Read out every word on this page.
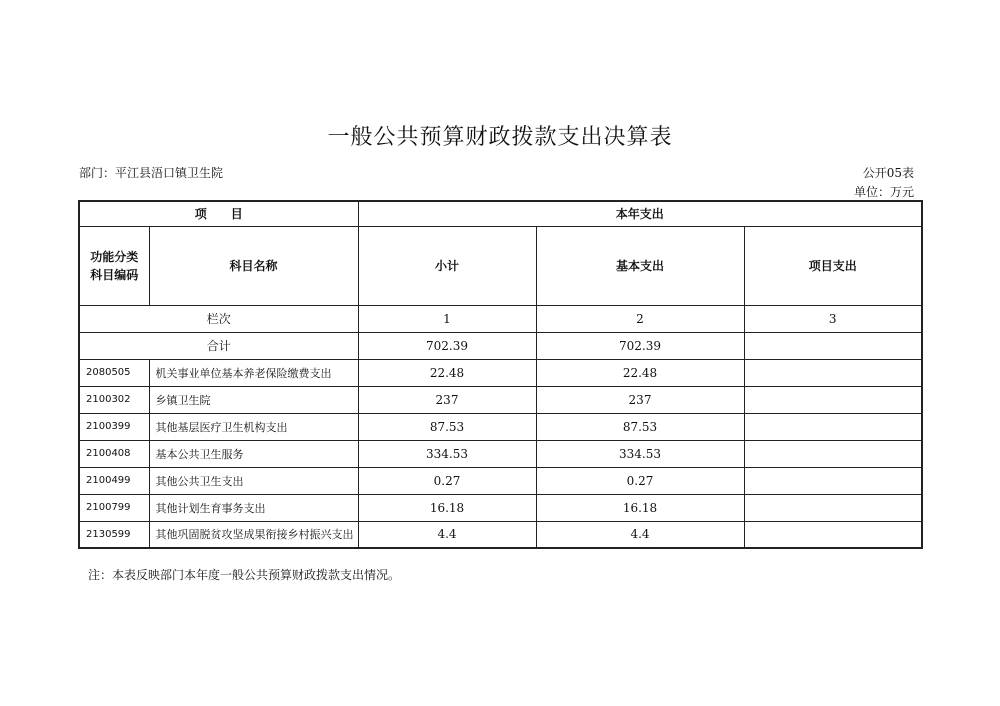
一般公共预算财政拨款支出决算表
部门：平江县浯口镇卫生院	公开05表
单位：万元
项　　目		本年支出		
功能分类
科目编码	科目名称	小计	基本支出	项目支出
栏次		1	2	3
合计		702.39	702.39	
2080505	机关事业单位基本养老保险缴费支出	22.48	22.48	
2100302	乡镇卫生院	237	237	
2100399	其他基层医疗卫生机构支出	87.53	87.53	
2100408	基本公共卫生服务	334.53	334.53	
2100499	其他公共卫生支出	0.27	0.27	
2100799	其他计划生育事务支出	16.18	16.18	
2130599	其他巩固脱贫攻坚成果衔接乡村振兴支出	4.4	4.4	
注：本表反映部门本年度一般公共预算财政拨款支出情况。
